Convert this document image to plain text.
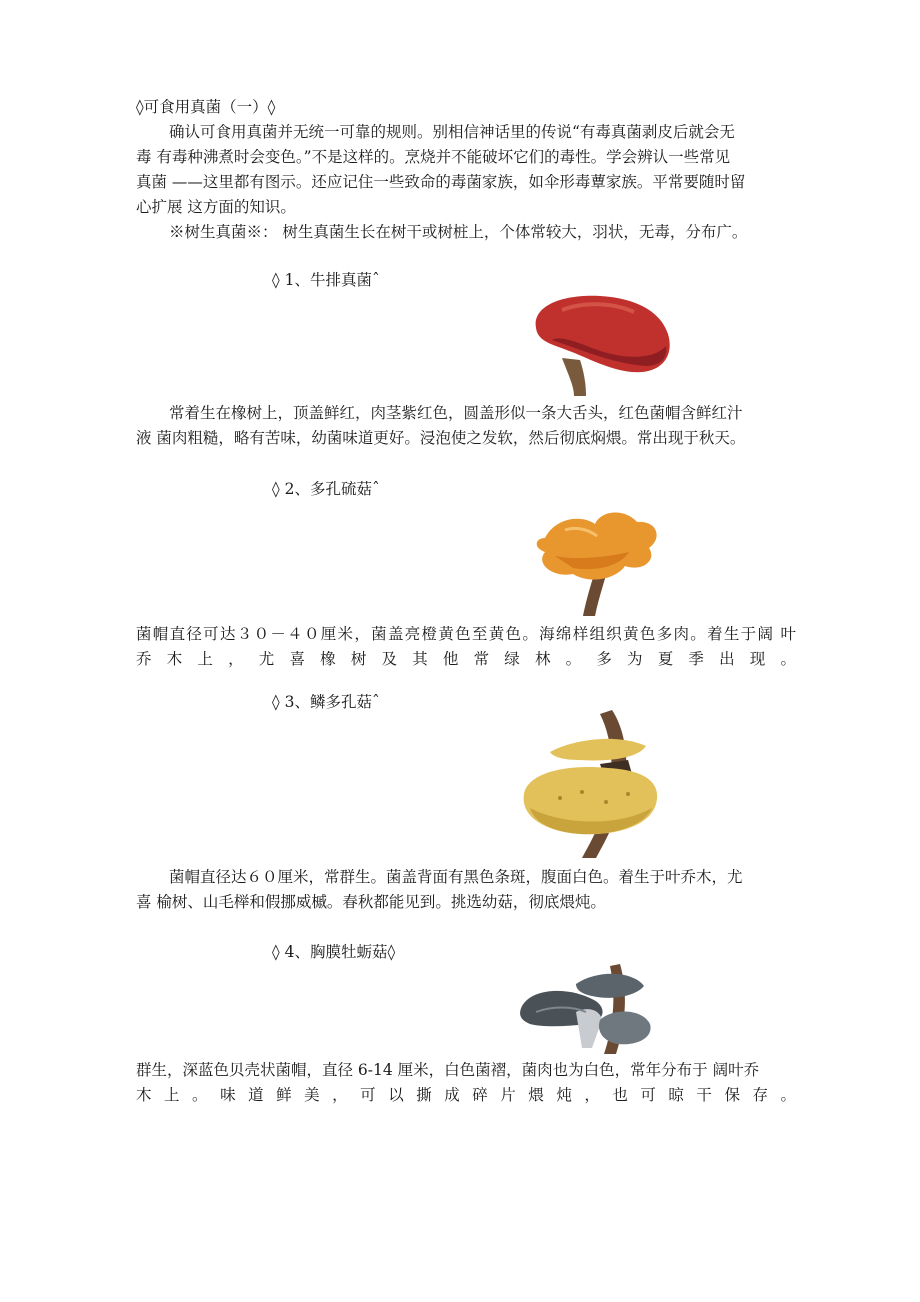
◊可食用真菌（一）◊

确认可食用真菌并无统一可靠的规则。别相信神话里的传说“有毒真菌剥皮后就会无

毒 有毒种沸煮时会变色。”不是这样的。烹烧并不能破坏它们的毒性。学会辨认一些常见

真菌 ——这里都有图示。还应记住一些致命的毒菌家族，如伞形毒蕈家族。平常要随时留

心扩展 这方面的知识。

※树生真菌※： 树生真菌生长在树干或树桩上，个体常较大，羽状，无毒，分布广。

◊ 1、牛排真菌ˆ

常着生在橡树上，顶盖鲜红，肉茎紫红色，圆盖形似一条大舌头，红色菌帽含鲜红汁

液 菌肉粗糙，略有苦味，幼菌味道更好。浸泡使之发软，然后彻底焖煨。常出现于秋天。

◊ 2、多孔硫菇ˆ

菌帽直径可达３０－４０厘米，菌盖亮橙黄色至黄色。海绵样组织黄色多肉。着生于阔 叶

乔 木 上 ， 尤 喜 橡 树 及 其 他 常 绿 林 。 多 为 夏 季 出 现 。

◊ 3、鳞多孔菇ˆ

菌帽直径达６０厘米，常群生。菌盖背面有黑色条斑，腹面白色。着生于叶乔木，尤

喜 榆树、山毛榉和假挪威槭。春秋都能见到。挑选幼菇，彻底煨炖。

◊ 4、胸膜牡蛎菇◊

群生，深蓝色贝壳状菌帽，直径 6-14 厘米，白色菌褶，菌肉也为白色，常年分布于 阔叶乔

木 上 。 味 道 鲜 美 ， 可 以 撕 成 碎 片 煨 炖 ， 也 可 晾 干 保 存 。
